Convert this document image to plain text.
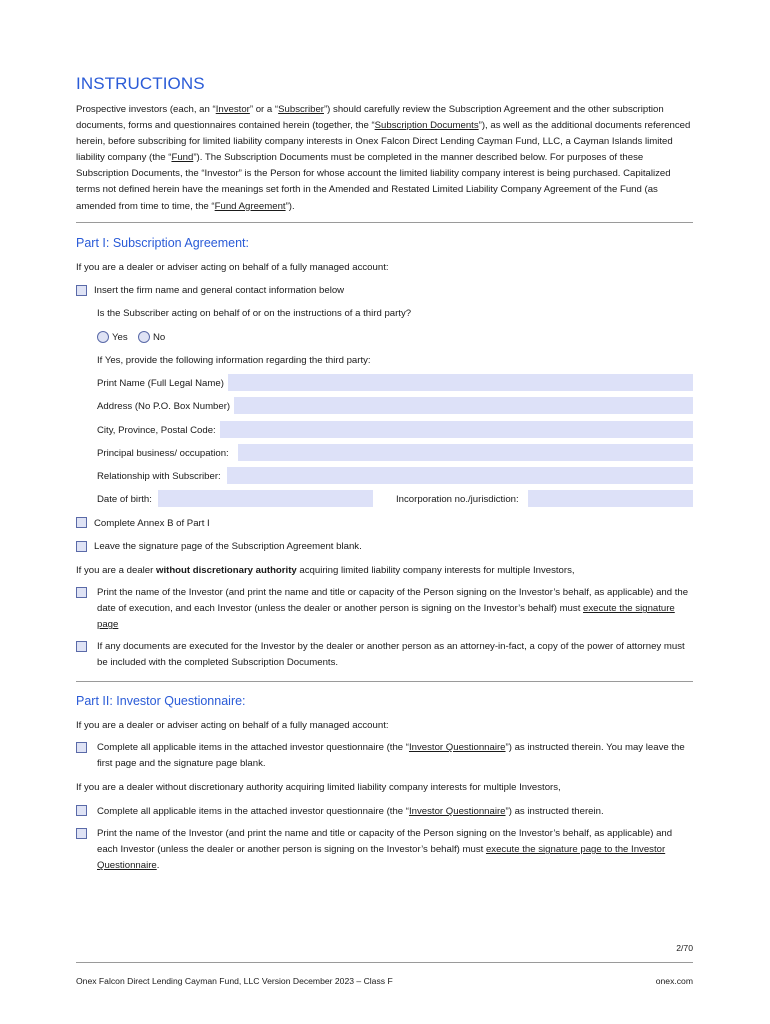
INSTRUCTIONS
Prospective investors (each, an “Investor” or a “Subscriber”) should carefully review the Subscription Agreement and the other subscription documents, forms and questionnaires contained herein (together, the “Subscription Documents”), as well as the additional documents referenced herein, before subscribing for limited liability company interests in Onex Falcon Direct Lending Cayman Fund, LLC, a Cayman Islands limited liability company (the “Fund”). The Subscription Documents must be completed in the manner described below. For purposes of these Subscription Documents, the “Investor” is the Person for whose account the limited liability company interest is being purchased. Capitalized terms not defined herein have the meanings set forth in the Amended and Restated Limited Liability Company Agreement of the Fund (as amended from time to time, the “Fund Agreement”).
Part I: Subscription Agreement:
If you are a dealer or adviser acting on behalf of a fully managed account:
Insert the firm name and general contact information below
Is the Subscriber acting on behalf of or on the instructions of a third party?
Yes	No
If Yes, provide the following information regarding the third party:
Print Name (Full Legal Name)
Address (No P.O. Box Number)
City, Province, Postal Code:
Principal business/ occupation:
Relationship with Subscriber:
Date of birth:	Incorporation no./jurisdiction:
Complete Annex B of Part I
Leave the signature page of the Subscription Agreement blank.
If you are a dealer without discretionary authority acquiring limited liability company interests for multiple Investors,
Print the name of the Investor (and print the name and title or capacity of the Person signing on the Investor’s behalf, as applicable) and the date of execution, and each Investor (unless the dealer or another person is signing on the Investor’s behalf) must execute the signature page
If any documents are executed for the Investor by the dealer or another person as an attorney-in-fact, a copy of the power of attorney must be included with the completed Subscription Documents.
Part II: Investor Questionnaire:
If you are a dealer or adviser acting on behalf of a fully managed account:
Complete all applicable items in the attached investor questionnaire (the “Investor Questionnaire”) as instructed therein. You may leave the first page and the signature page blank.
If you are a dealer without discretionary authority acquiring limited liability company interests for multiple Investors,
Complete all applicable items in the attached investor questionnaire (the “Investor Questionnaire”) as instructed therein.
Print the name of the Investor (and print the name and title or capacity of the Person signing on the Investor’s behalf, as applicable) and each Investor (unless the dealer or another person is signing on the Investor’s behalf) must execute the signature page to the Investor Questionnaire.
2/70
Onex Falcon Direct Lending Cayman Fund, LLC Version December 2023 – Class F	onex.com
